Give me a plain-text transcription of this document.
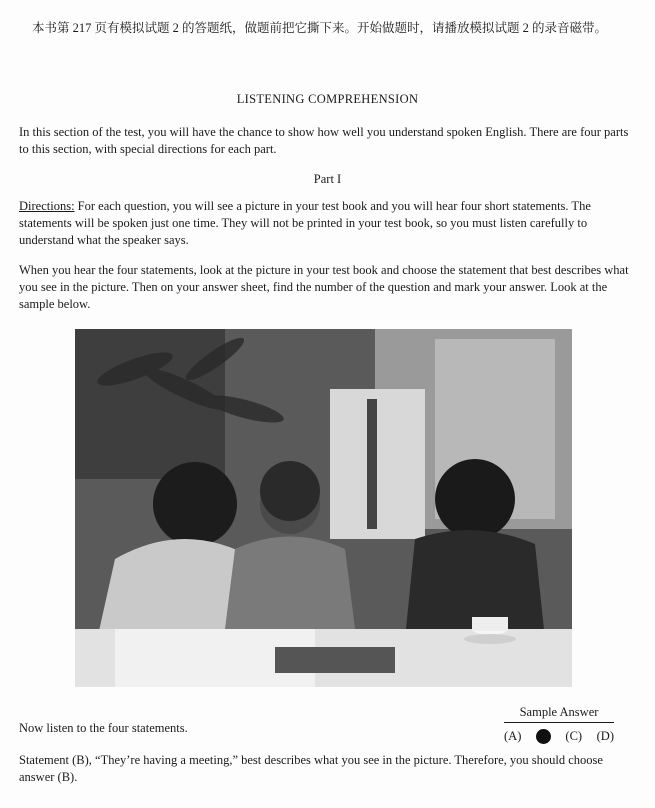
本书第 217 页有模拟试题 2 的答题纸，做题前把它撕下来。开始做题时，请播放模拟试题 2 的录音磁带。
LISTENING COMPREHENSION
In this section of the test, you will have the chance to show how well you understand spoken English. There are four parts to this section, with special directions for each part.
Part I
Directions: For each question, you will see a picture in your test book and you will hear four short statements. The statements will be spoken just one time. They will not be printed in your test book, so you must listen carefully to understand what the speaker says.
When you hear the four statements, look at the picture in your test book and choose the statement that best describes what you see in the picture. Then on your answer sheet, find the number of the question and mark your answer. Look at the sample below.
Now listen to the four statements.
Sample Answer
(A)	(C) (D)
Statement (B), “They’re having a meeting,” best describes what you see in the picture. Therefore, you should choose answer (B).
